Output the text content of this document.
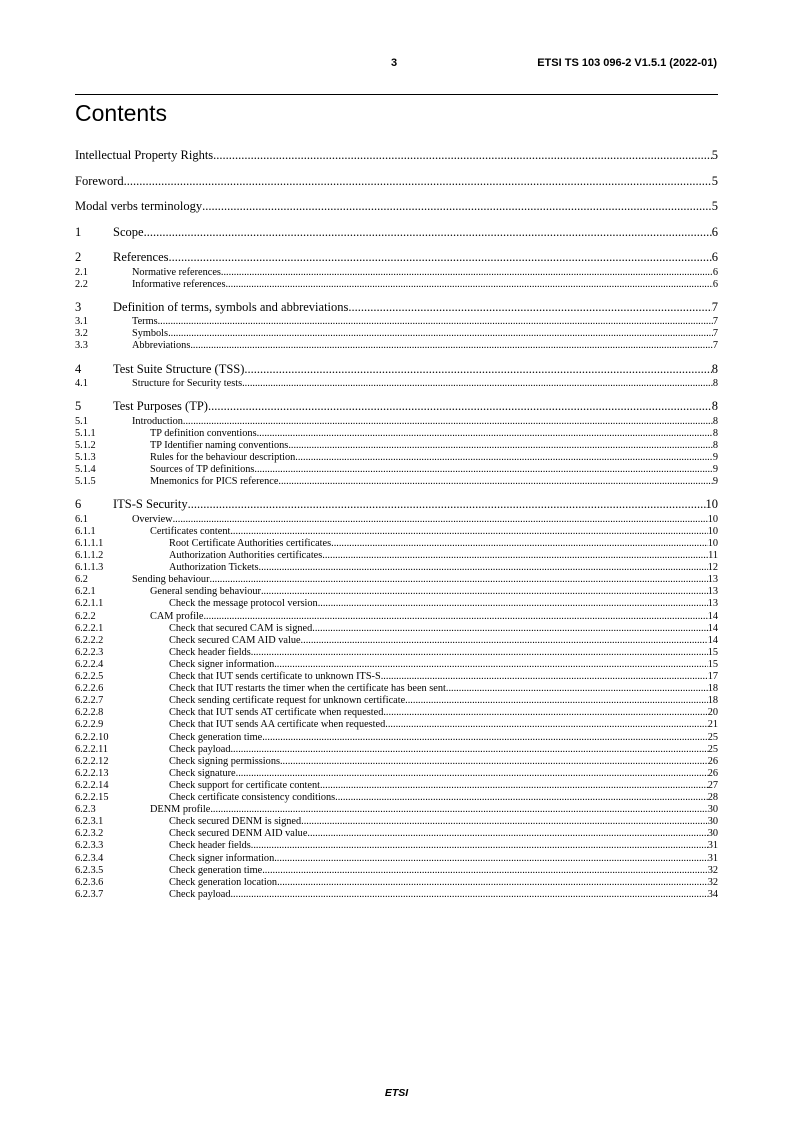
3	ETSI TS 103 096-2 V1.5.1 (2022-01)
Contents
Intellectual Property Rights .....	5
Foreword .....	5
Modal verbs terminology .....	5
1	Scope .....	6
2	References .....	6
2.1	Normative references .....	6
2.2	Informative references .....	6
3	Definition of terms, symbols and abbreviations .....	7
3.1	Terms .....	7
3.2	Symbols .....	7
3.3	Abbreviations .....	7
4	Test Suite Structure (TSS) .....	8
4.1	Structure for Security tests .....	8
5	Test Purposes (TP) .....	8
5.1	Introduction .....	8
5.1.1	TP definition conventions .....	8
5.1.2	TP Identifier naming conventions .....	8
5.1.3	Rules for the behaviour description .....	9
5.1.4	Sources of TP definitions .....	9
5.1.5	Mnemonics for PICS reference .....	9
6	ITS-S Security .....	10
6.1	Overview .....	10
6.1.1	Certificates content .....	10
6.1.1.1	Root Certificate Authorities certificates .....	10
6.1.1.2	Authorization Authorities certificates .....	11
6.1.1.3	Authorization Tickets .....	12
6.2	Sending behaviour .....	13
6.2.1	General sending behaviour .....	13
6.2.1.1	Check the message protocol version .....	13
6.2.2	CAM profile .....	14
6.2.2.1	Check that secured CAM is signed .....	14
6.2.2.2	Check secured CAM AID value .....	14
6.2.2.3	Check header fields .....	15
6.2.2.4	Check signer information .....	15
6.2.2.5	Check that IUT sends certificate to unknown ITS-S .....	17
6.2.2.6	Check that IUT restarts the timer when the certificate has been sent .....	18
6.2.2.7	Check sending certificate request for unknown certificate .....	18
6.2.2.8	Check that IUT sends AT certificate when requested .....	20
6.2.2.9	Check that IUT sends AA certificate when requested .....	21
6.2.2.10	Check generation time .....	25
6.2.2.11	Check payload .....	25
6.2.2.12	Check signing permissions .....	26
6.2.2.13	Check signature .....	26
6.2.2.14	Check support for certificate content .....	27
6.2.2.15	Check certificate consistency conditions .....	28
6.2.3	DENM profile .....	30
6.2.3.1	Check secured DENM is signed .....	30
6.2.3.2	Check secured DENM AID value .....	30
6.2.3.3	Check header fields .....	31
6.2.3.4	Check signer information .....	31
6.2.3.5	Check generation time .....	32
6.2.3.6	Check generation location .....	32
6.2.3.7	Check payload .....	34
ETSI
